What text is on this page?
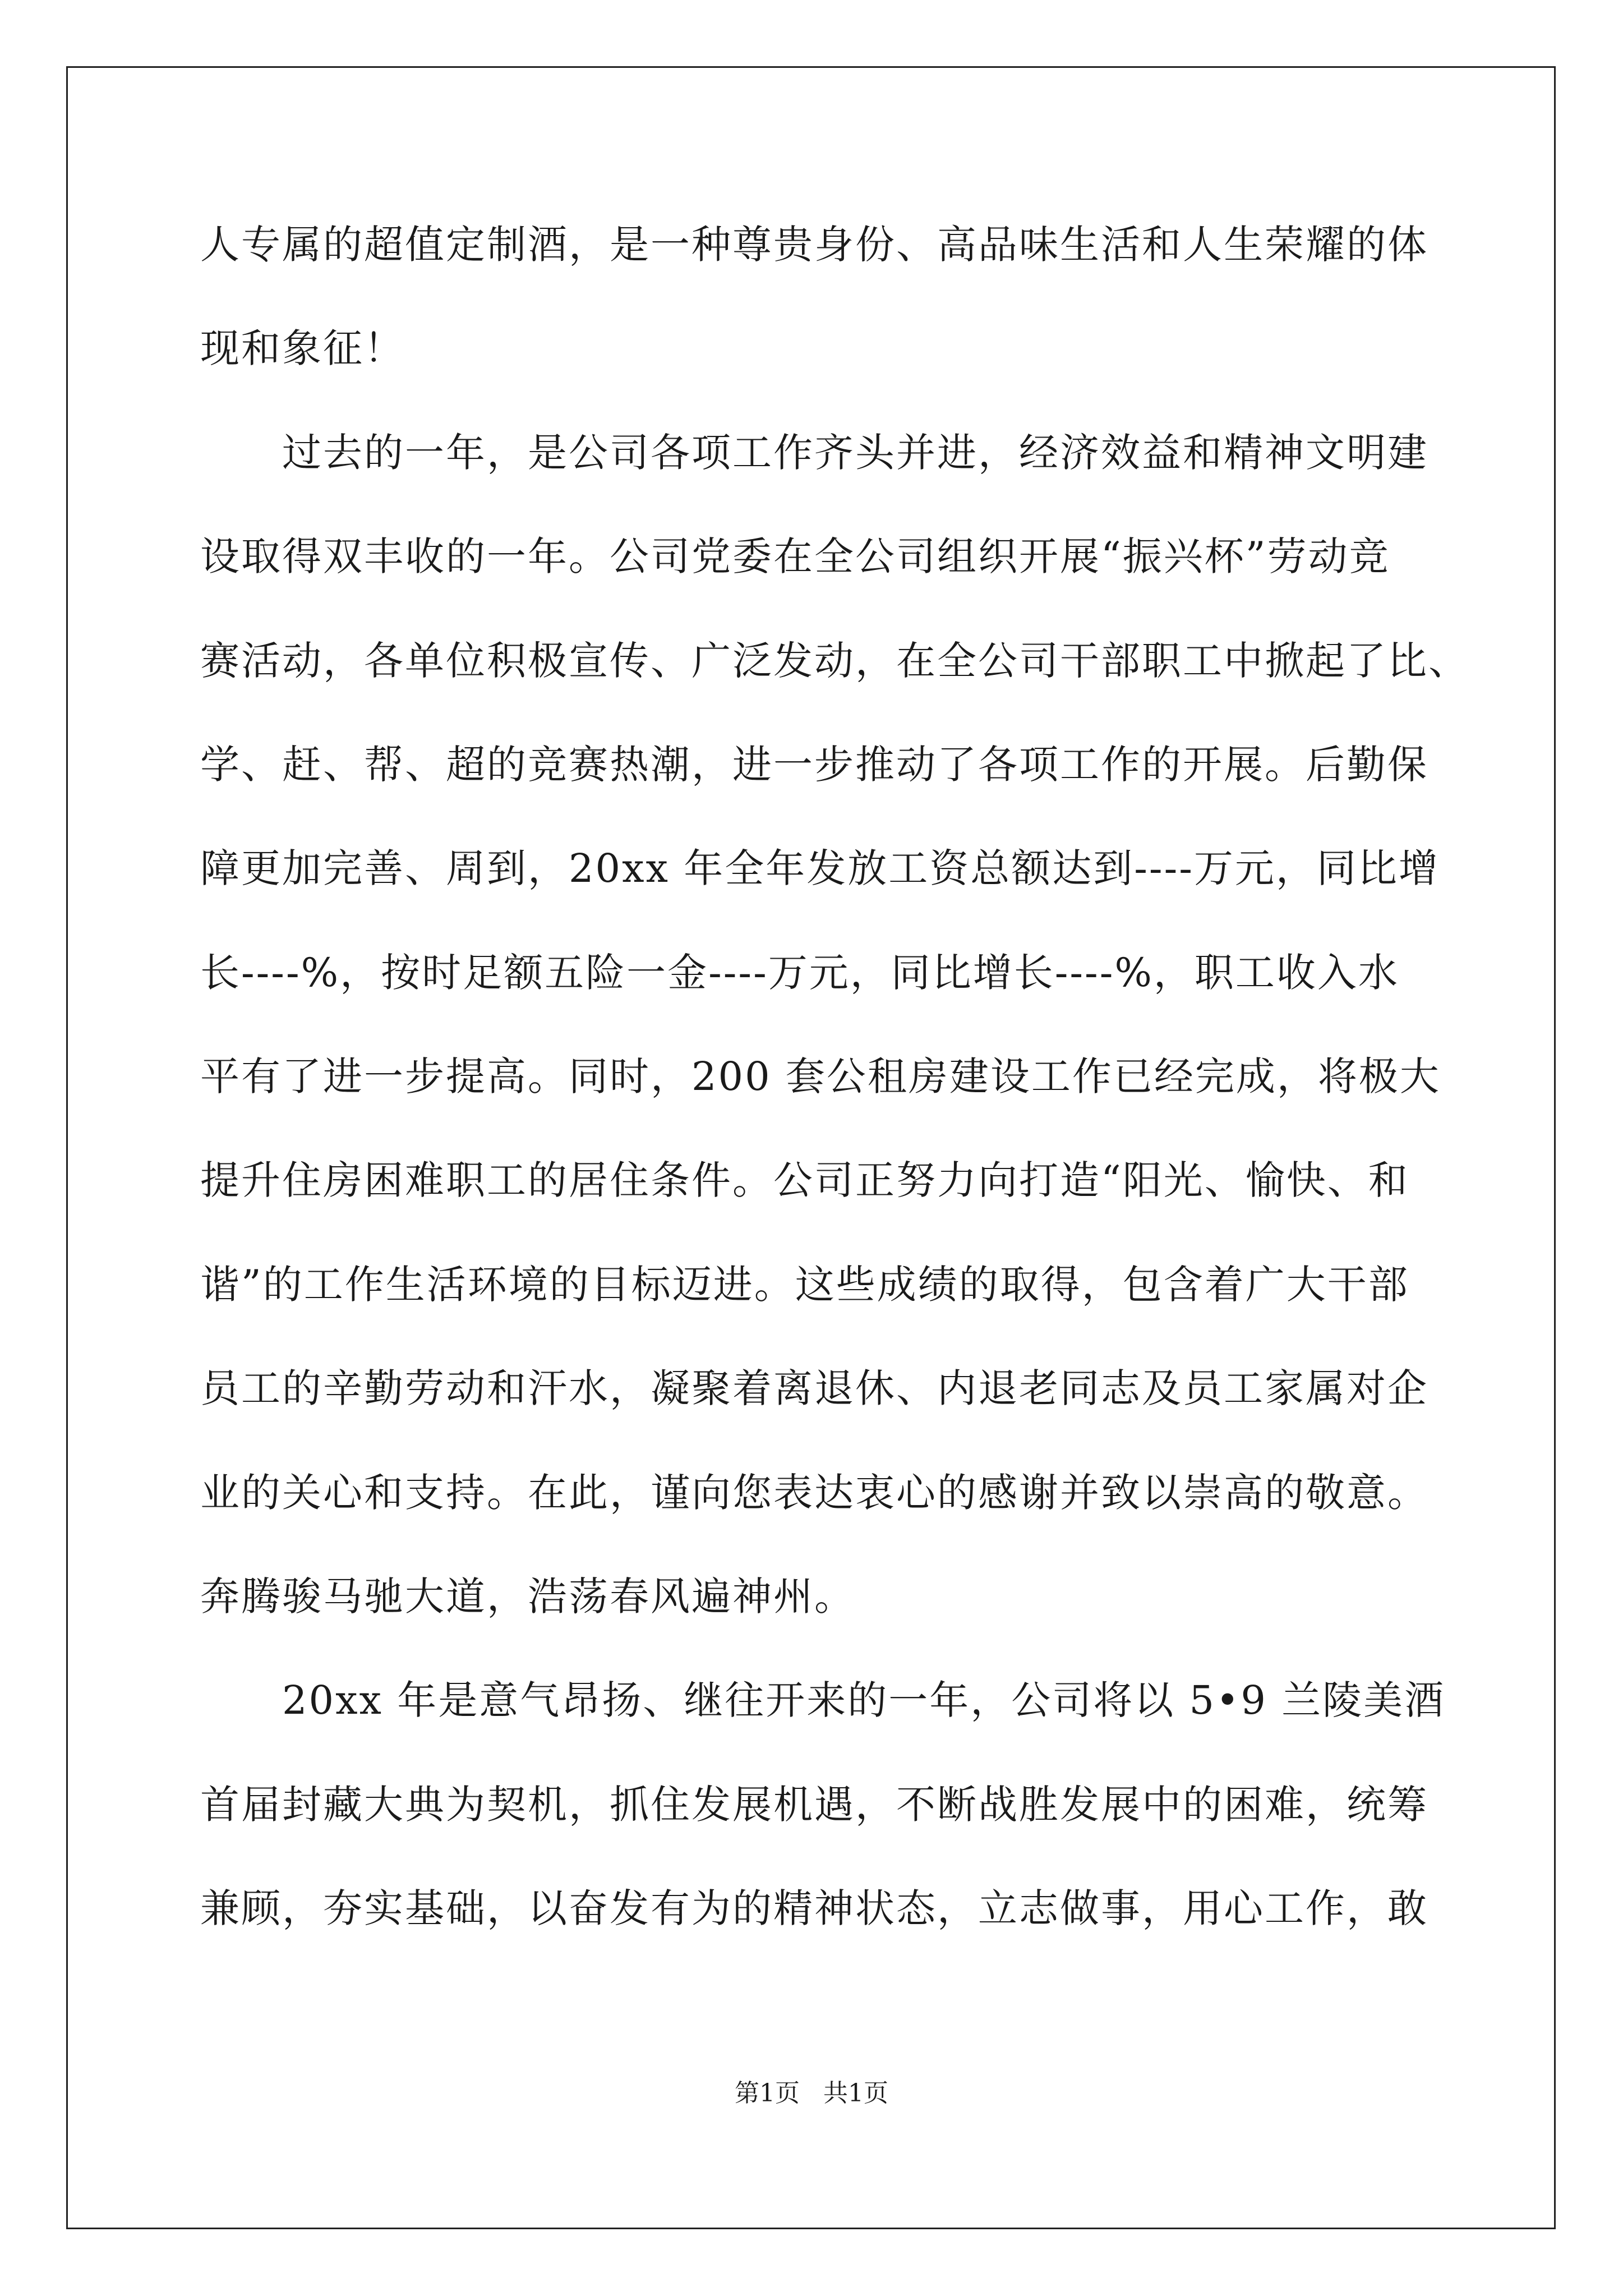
人专属的超值定制酒，是一种尊贵身份、高品味生活和人生荣耀的体

现和象征！

过去的一年，是公司各项工作齐头并进，经济效益和精神文明建

设取得双丰收的一年。公司党委在全公司组织开展“振兴杯”劳动竞

赛活动，各单位积极宣传、广泛发动，在全公司干部职工中掀起了比、

学、赶、帮、超的竞赛热潮，进一步推动了各项工作的开展。后勤保

障更加完善、周到，20xx 年全年发放工资总额达到----万元，同比增

长----%，按时足额五险一金----万元，同比增长----%，职工收入水

平有了进一步提高。同时，200 套公租房建设工作已经完成，将极大

提升住房困难职工的居住条件。公司正努力向打造“阳光、愉快、和

谐”的工作生活环境的目标迈进。这些成绩的取得，包含着广大干部

员工的辛勤劳动和汗水，凝聚着离退休、内退老同志及员工家属对企

业的关心和支持。在此，谨向您表达衷心的感谢并致以崇高的敬意。

奔腾骏马驰大道，浩荡春风遍神州。

20xx 年是意气昂扬、继往开来的一年，公司将以 5•9 兰陵美酒

首届封藏大典为契机，抓住发展机遇，不断战胜发展中的困难，统筹

兼顾，夯实基础，以奋发有为的精神状态，立志做事，用心工作，敢

第1页   共1页
